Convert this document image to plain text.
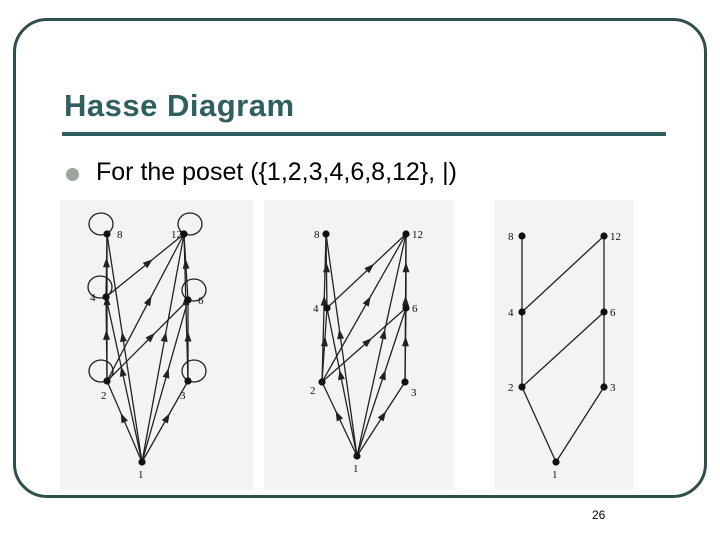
Hasse Diagram

For the poset ({1,2,3,4,6,8,12}, |)

8	12
4	6
2	3
1
8	12
4	6
2	3
1
8	12
4	6
2	3
1

26
